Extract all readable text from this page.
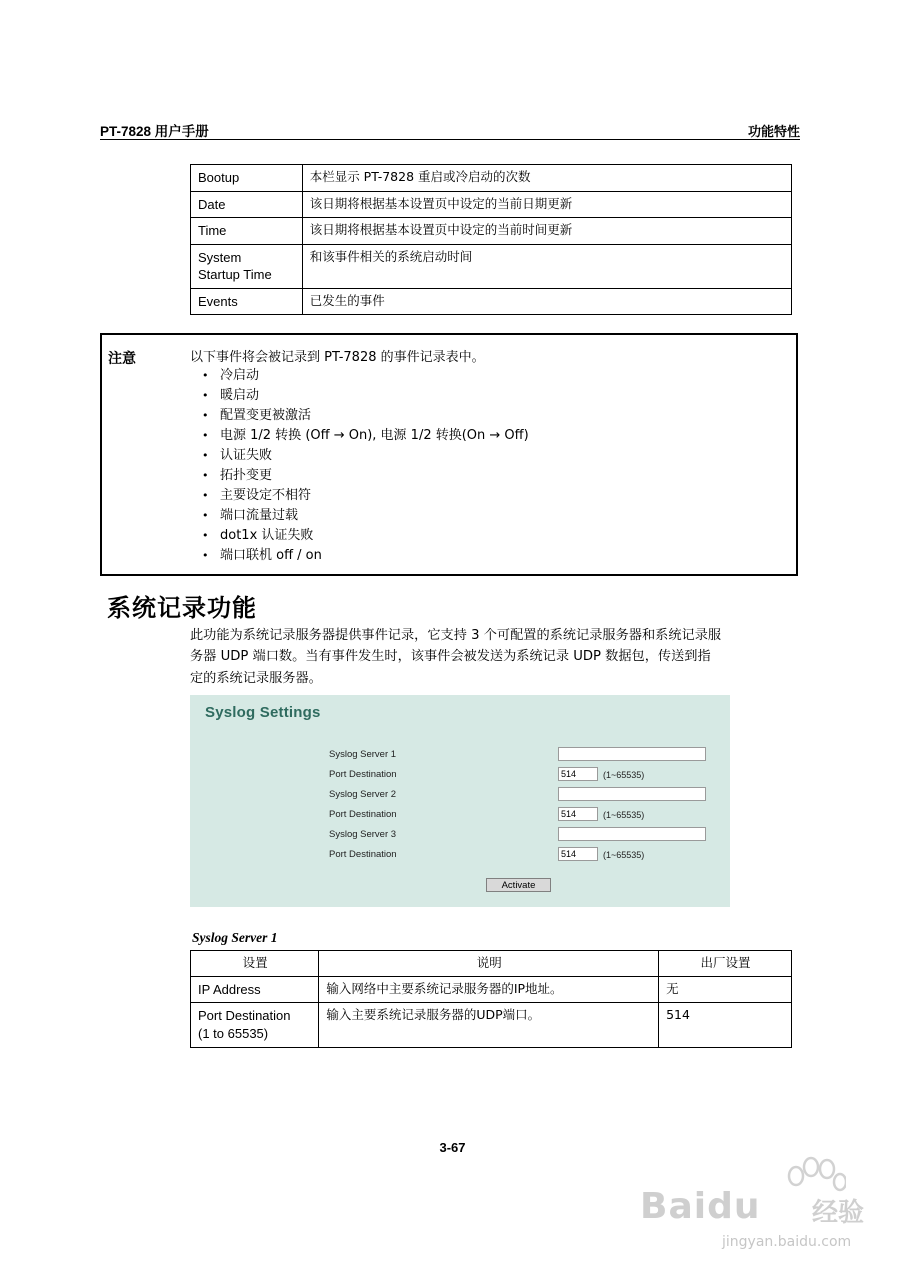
PT-7828 用户手册	功能特性
Bootup	本栏显示 PT-7828 重启或冷启动的次数
Date	该日期将根据基本设置页中设定的当前日期更新
Time	该日期将根据基本设置页中设定的当前时间更新
System
Startup Time	和该事件相关的系统启动时间
Events	已发生的事件
注意	以下事件将会被记录到 PT-7828 的事件记录表中。
• 冷启动
• 暖启动
• 配置变更被激活
• 电源 1/2 转换 (Off → On), 电源 1/2 转换(On → Off)
• 认证失败
• 拓扑变更
• 主要设定不相符
• 端口流量过载
• dot1x 认证失败
• 端口联机 off / on
系统记录功能
此功能为系统记录服务器提供事件记录，它支持 3 个可配置的系统记录服务器和系统记录服
务器 UDP 端口数。当有事件发生时，该事件会被发送为系统记录 UDP 数据包，传送到指
定的系统记录服务器。
Syslog Settings
Syslog Server 1
Port Destination	514	(1~65535)
Syslog Server 2
Port Destination	514	(1~65535)
Syslog Server 3
Port Destination	514	(1~65535)
Activate
Syslog Server 1
设置	说明	出厂设置
IP Address	输入网络中主要系统记录服务器的IP地址。	无
Port Destination
(1 to 65535)	输入主要系统记录服务器的UDP端口。	514
3-67
Baidu 经验
jingyan.baidu.com
